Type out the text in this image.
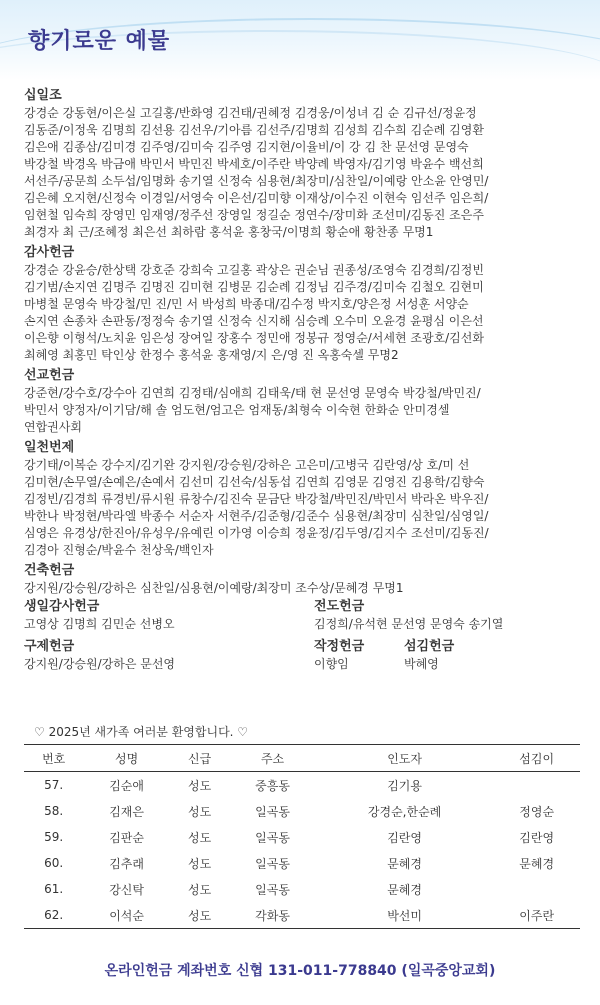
향기로운 예물
십일조
강경순 강동현/이은실 고길홍/반화영 김건태/권혜정 김경웅/이성녀 김 순 김규선/정윤정
김동준/이정욱 김명희 김선용 김선우/기아름 김선주/김명희 김성희 김수희 김순례 김영환
김은애 김종삼/김미경 김주영/김미숙 김주영 김지현/이율비/이 강 김 찬 문선영 문영숙
박강철 박경옥 박금애 박민서 박민진 박세호/이주란 박양례 박영자/김기영 박윤수 백선희
서선주/공문희 소두섭/임명화 송기열 신정숙 심용현/최장미/심찬일/이예랑 안소윤 안영민/
김은혜 오지현/신정숙 이경일/서영숙 이은선/김미향 이재상/이수진 이현숙 임선주 임은희/
임현철 임숙희 장영민 임재영/정주선 장영일 정길순 정연수/장미화 조선미/김동진 조은주
최경자 최 근/조혜정 최은선 최하람 홍석윤 홍창국/이명희 황순애 황찬종 무명1
감사헌금
강경순 강윤승/한상택 강호준 강희숙 고길홍 곽상은 권순님 권종성/조영숙 김경희/김정빈
김기범/손지연 김명주 김명진 김미현 김병문 김순례 김정님 김주경/김미숙 김철오 김현미
마병철 문영숙 박강철/민 진/민 서 박성희 박종대/김수정 박지호/양은정 서성훈 서양순
손지연 손종차 손판동/정정숙 송기열 신정숙 신지해 심승례 오수미 오윤경 윤평심 이은선
이은향 이형석/노치윤 임은성 장여일 장홍수 정민애 정봉규 정영순/서세현 조광호/김선화
최혜영 최홍민 탁인상 한정수 홍석윤 홍재영/지 은/영 진 옥홍숙셀 무명2
선교헌금
강준현/강수호/강수아 김연희 김정태/심애희 김태욱/태 현 문선영 문영숙 박강철/박민진/
박민서 양정자/이기담/해 솔 엄도현/엄고은 엄재동/최형숙 이숙현 한화순 안미경셀
연합권사회
일천번제
강기태/이복순 강수지/김기완 강지원/강승원/강하은 고은미/고병국 김란영/상 호/미 선
김미현/손무열/손예은/손예서 김선미 김선숙/심동섭 김연희 김영문 김영진 김용학/김향숙
김정빈/김경희 류경빈/류시원 류창수/김진숙 문금단 박강철/박민진/박민서 박라온 박우진/
박한나 박정현/박라엘 박종수 서순자 서현주/김준형/김준수 심용현/최장미 심찬일/심영일/
심영은 유경상/한진아/유성우/유예린 이가영 이승희 정윤정/김두영/김지수 조선미/김동진/
김경아 진형순/박윤수 천상욱/백인자
건축헌금
강지원/강승원/강하은 심찬일/심용현/이예랑/최장미 조수상/문혜경 무명1
생일감사헌금
고영상 김명희 김민순 선병오
전도헌금
김정희/유석현 문선영 문영숙 송기열
구제헌금
강지원/강승원/강하은 문선영
작정헌금
이향임
섬김헌금
박혜영
♡ 2025년 새가족 여러분 환영합니다. ♡
번호	성명	신급	주소	인도자	섬김이
57.	김순애	성도	중흥동	김기용	
58.	김재은	성도	일곡동	강경순,한순례	정영순
59.	김판순	성도	일곡동	김란영	김란영
60.	김추래	성도	일곡동	문혜경	문혜경
61.	강신탁	성도	일곡동	문혜경	
62.	이석순	성도	각화동	박선미	이주란
온라인헌금 계좌번호 신협 131-011-778840 (일곡중앙교회)
